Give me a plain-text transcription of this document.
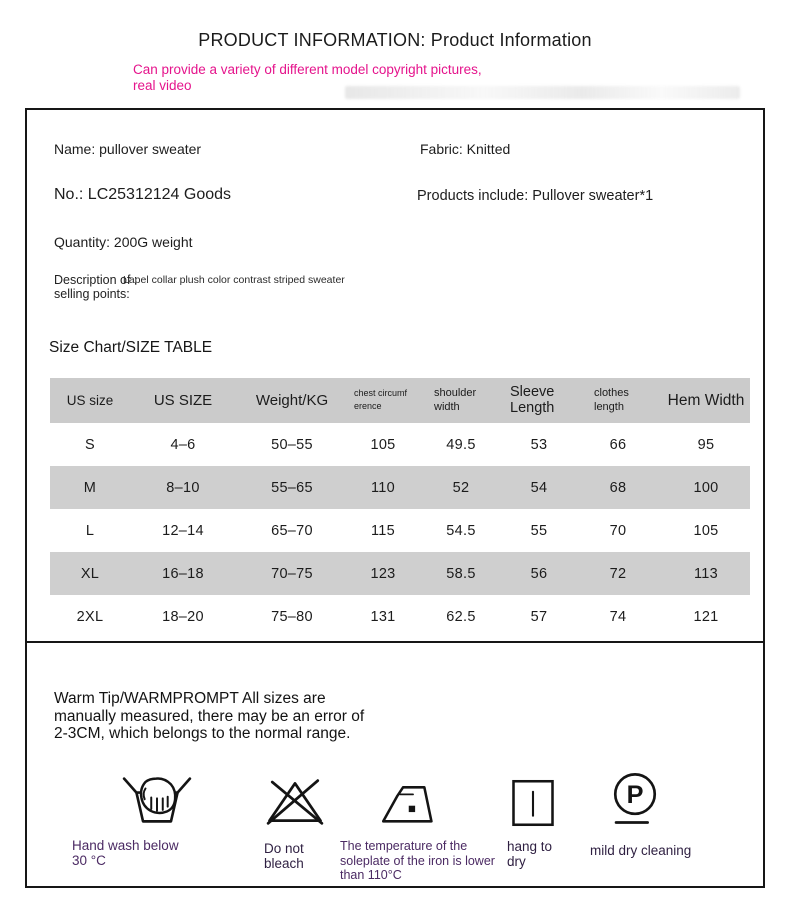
PRODUCT INFORMATION: Product Information
Can provide a variety of different model copyright pictures,
real video
Name: pullover sweater	Fabric: Knitted
No.: LC25312124 Goods	Products include: Pullover sweater*1
Quantity: 200G weight
Description of :
selling points:
Lapel collar plush color contrast striped sweater
Size Chart/SIZE TABLE
US size	US SIZE	Weight/KG	chest circumference	shoulder width	Sleeve Length	clothes length	Hem Width
S	4–6	50–55	105	49.5	53	66	95
M	8–10	55–65	110	52	54	68	100
L	12–14	65–70	115	54.5	55	70	105
XL	16–18	70–75	123	58.5	56	72	113
2XL	18–20	75–80	131	62.5	57	74	121
Warm Tip/WARMPROMPT All sizes are
manually measured, there may be an error of
2-3CM, which belongs to the normal range.
Hand wash below 30 °C
Do not bleach
The temperature of the soleplate of the iron is lower than 110°C
hang to dry
P
mild dry cleaning
